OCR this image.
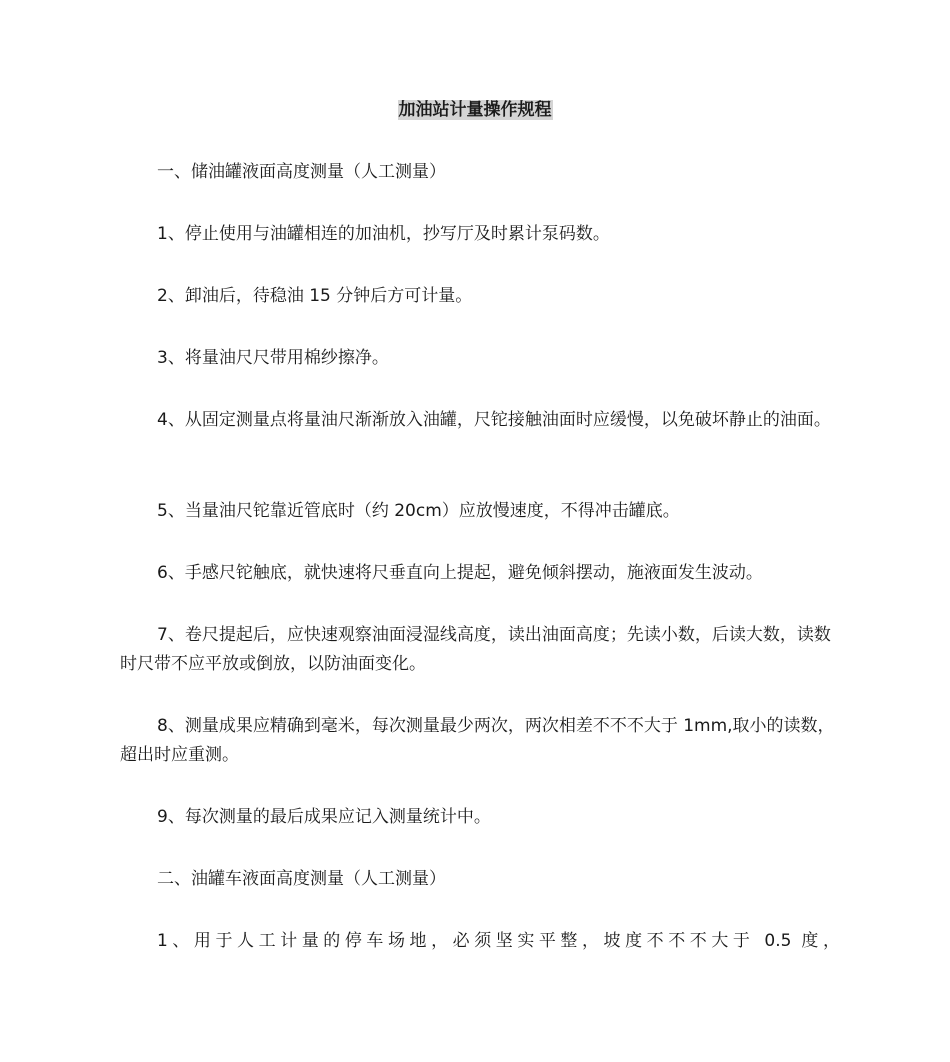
加油站计量操作规程

一、储油罐液面高度测量（人工测量）

1、停止使用与油罐相连的加油机，抄写厅及时累计泵码数。

2、卸油后，待稳油 15 分钟后方可计量。

3、将量油尺尺带用棉纱擦净。

4、从固定测量点将量油尺渐渐放入油罐，尺铊接触油面时应缓慢，以免破坏静止的油面。

5、当量油尺铊靠近管底时（约 20cm）应放慢速度，不得冲击罐底。

6、手感尺铊触底，就快速将尺垂直向上提起，避免倾斜摆动，施液面发生波动。

7、卷尺提起后，应快速观察油面浸湿线高度，读出油面高度；先读小数，后读大数，读数时尺带不应平放或倒放，以防油面变化。

8、测量成果应精确到毫米，每次测量最少两次，两次相差不不不大于 1mm,取小的读数，超出时应重测。

9、每次测量的最后成果应记入测量统计中。

二、油罐车液面高度测量（人工测量）

1、用于人工计量的停车场地，必须坚实平整，坡度不不不大于 0.5 度，
